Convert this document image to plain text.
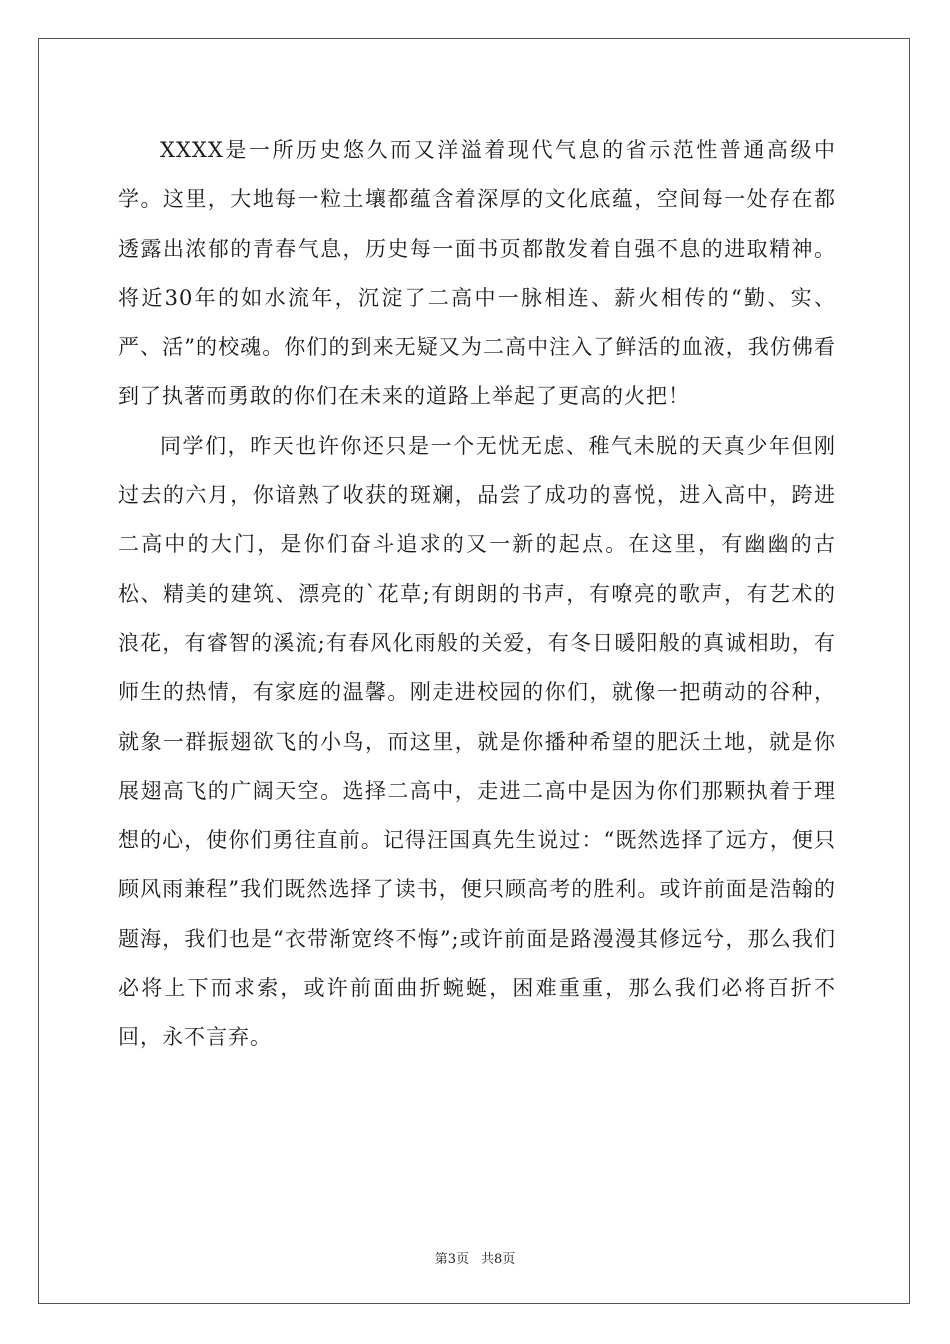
XXXX是一所历史悠久而又洋溢着现代气息的省示范性普通高级中学。这里，大地每一粒土壤都蕴含着深厚的文化底蕴，空间每一处存在都透露出浓郁的青春气息，历史每一面书页都散发着自强不息的进取精神。将近30年的如水流年，沉淀了二高中一脉相连、薪火相传的“勤、实、严、活”的校魂。你们的到来无疑又为二高中注入了鲜活的血液，我仿佛看到了执著而勇敢的你们在未来的道路上举起了更高的火把！

同学们，昨天也许你还只是一个无忧无虑、稚气未脱的天真少年但刚过去的六月，你谙熟了收获的斑斓，品尝了成功的喜悦，进入高中，跨进二高中的大门，是你们奋斗追求的又一新的起点。在这里，有幽幽的古松、精美的建筑、漂亮的`花草;有朗朗的书声，有嘹亮的歌声，有艺术的浪花，有睿智的溪流;有春风化雨般的关爱，有冬日暖阳般的真诚相助，有师生的热情，有家庭的温馨。刚走进校园的你们，就像一把萌动的谷种，就象一群振翅欲飞的小鸟，而这里，就是你播种希望的肥沃土地，就是你展翅高飞的广阔天空。选择二高中，走进二高中是因为你们那颗执着于理想的心，使你们勇往直前。记得汪国真先生说过：“既然选择了远方，便只顾风雨兼程”我们既然选择了读书，便只顾高考的胜利。或许前面是浩翰的题海，我们也是“衣带渐宽终不悔”;或许前面是路漫漫其修远兮，那么我们必将上下而求索，或许前面曲折蜿蜒，困难重重，那么我们必将百折不回，永不言弃。

第3页 共8页
